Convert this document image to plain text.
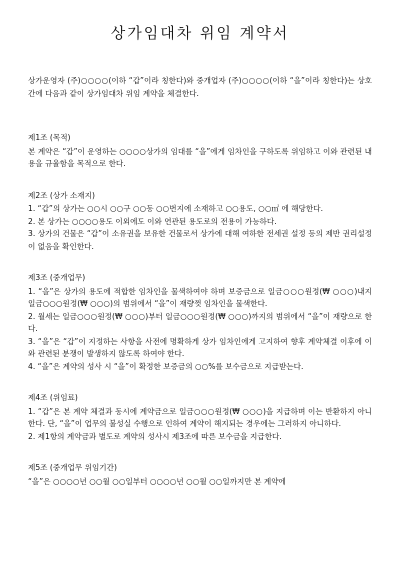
상가임대차 위임 계약서

상가운영자 (주)○○○○(이하 “갑”이라 칭한다)와 중개업자 (주)○○○○(이하 “을”이라 칭한다)는 상호간에 다음과 같이 상가임대차 위임 계약을 체결한다.

제1조 (목적)

본 계약은 “갑”이 운영하는 ○○○○상가의 임대를 “을”에게 임차인을 구하도록 위임하고 이와 관련된 내용을 규율함을 목적으로 한다.

제2조 (상가 소재지)

1. “갑”의 상가는 ○○시 ○○구 ○○동 ○○번지에 소재하고 ○○용도, ○○㎡ 에 해당한다.

2. 본 상가는 ○○○○용도 이외에도 이와 연관된 용도로의 전용이 가능하다.

3. 상가의 건물은 “갑”이 소유권을 보유한 건물로서 상가에 대해 여하한 전세권 설정 등의 제반 권리설정이 없음을 확인한다.

제3조 (중개업무)

1. “을”은 상가의 용도에 적합한 임차인을 물색하여야 하며 보증금으로 일금○○○원정(₩ ○○○)내지 일금○○○원정(₩ ○○○)의 범위에서 “을”이 재량껏 임차인을 물색한다.

2. 월세는 일금○○○원정(₩ ○○○)부터 일금○○○원정(₩ ○○○)까지의 범위에서 “을”이 재량으로 한다.

3. “을”은 “갑”이 지정하는 사항을 사전에 명확하게 상가 임차인에게 고지하여 향후 계약체결 이후에 이와 관련된 분쟁이 발생하지 않도록 하여야 한다.

4. “을”은 계약의 성사 시 “을”이 확정한 보증금의 ○○%를 보수금으로 지급받는다.

제4조 (위임료)

1. “갑”은 본 계약 체결과 동시에 계약금으로 일금○○○원정(₩ ○○○)을 지급하며 이는 반환하지 아니한다. 단, “을”이 업무의 불성실 수행으로 인하여 계약이 해지되는 경우에는 그러하지 아니하다.

2. 제1항의 계약금과 별도로 계약의 성사시 제3조에 따른 보수금을 지급한다.

제5조 (중개업무 위임기간)

“을”은 ○○○○년 ○○월 ○○일부터 ○○○○년 ○○월 ○○일까지만 본 계약에
